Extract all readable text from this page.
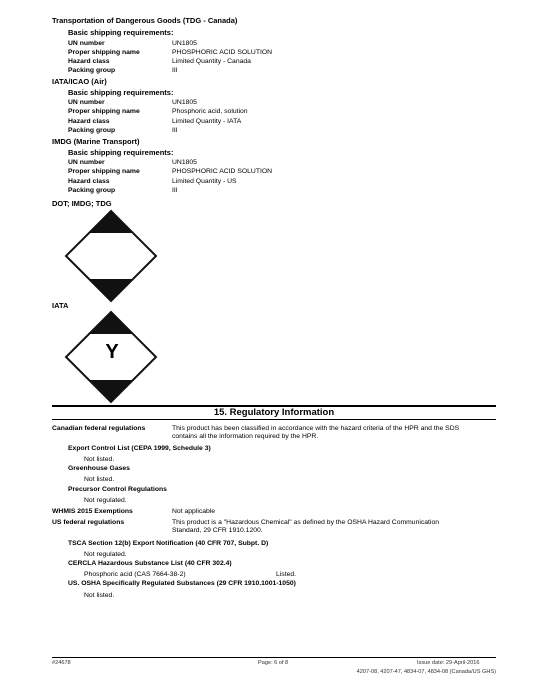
Transportation of Dangerous Goods (TDG - Canada)
Basic shipping requirements:
UN number	UN1805
Proper shipping name	PHOSPHORIC ACID SOLUTION
Hazard class	Limited Quantity - Canada
Packing group	III
IATA/ICAO (Air)
Basic shipping requirements:
UN number	UN1805
Proper shipping name	Phosphoric acid, solution
Hazard class	Limited Quantity - IATA
Packing group	III
IMDG (Marine Transport)
Basic shipping requirements:
UN number	UN1805
Proper shipping name	PHOSPHORIC ACID SOLUTION
Hazard class	Limited Quantity - US
Packing group	III
DOT; IMDG; TDG
IATA
Y
15. Regulatory Information
Canadian federal regulations	This product has been classified in accordance with the hazard criteria of the HPR and the SDS
contains all the information required by the HPR.
Export Control List (CEPA 1999, Schedule 3)
Not listed.
Greenhouse Gases
Not listed.
Precursor Control Regulations
Not regulated.
WHMIS 2015 Exemptions	Not applicable
US federal regulations	This product is a "Hazardous Chemical" as defined by the OSHA Hazard Communication
Standard, 29 CFR 1910.1200.
TSCA Section 12(b) Export Notification (40 CFR 707, Subpt. D)
Not regulated.
CERCLA Hazardous Substance List (40 CFR 302.4)
Phosphoric acid (CAS 7664-38-2)	Listed.
US. OSHA Specifically Regulated Substances (29 CFR 1910.1001-1050)
Not listed.
#24678	Page: 6 of 8	Issue date: 29-April-2016
4207-08, 4207-47, 4834-07, 4834-08 (Canada/US GHS)
